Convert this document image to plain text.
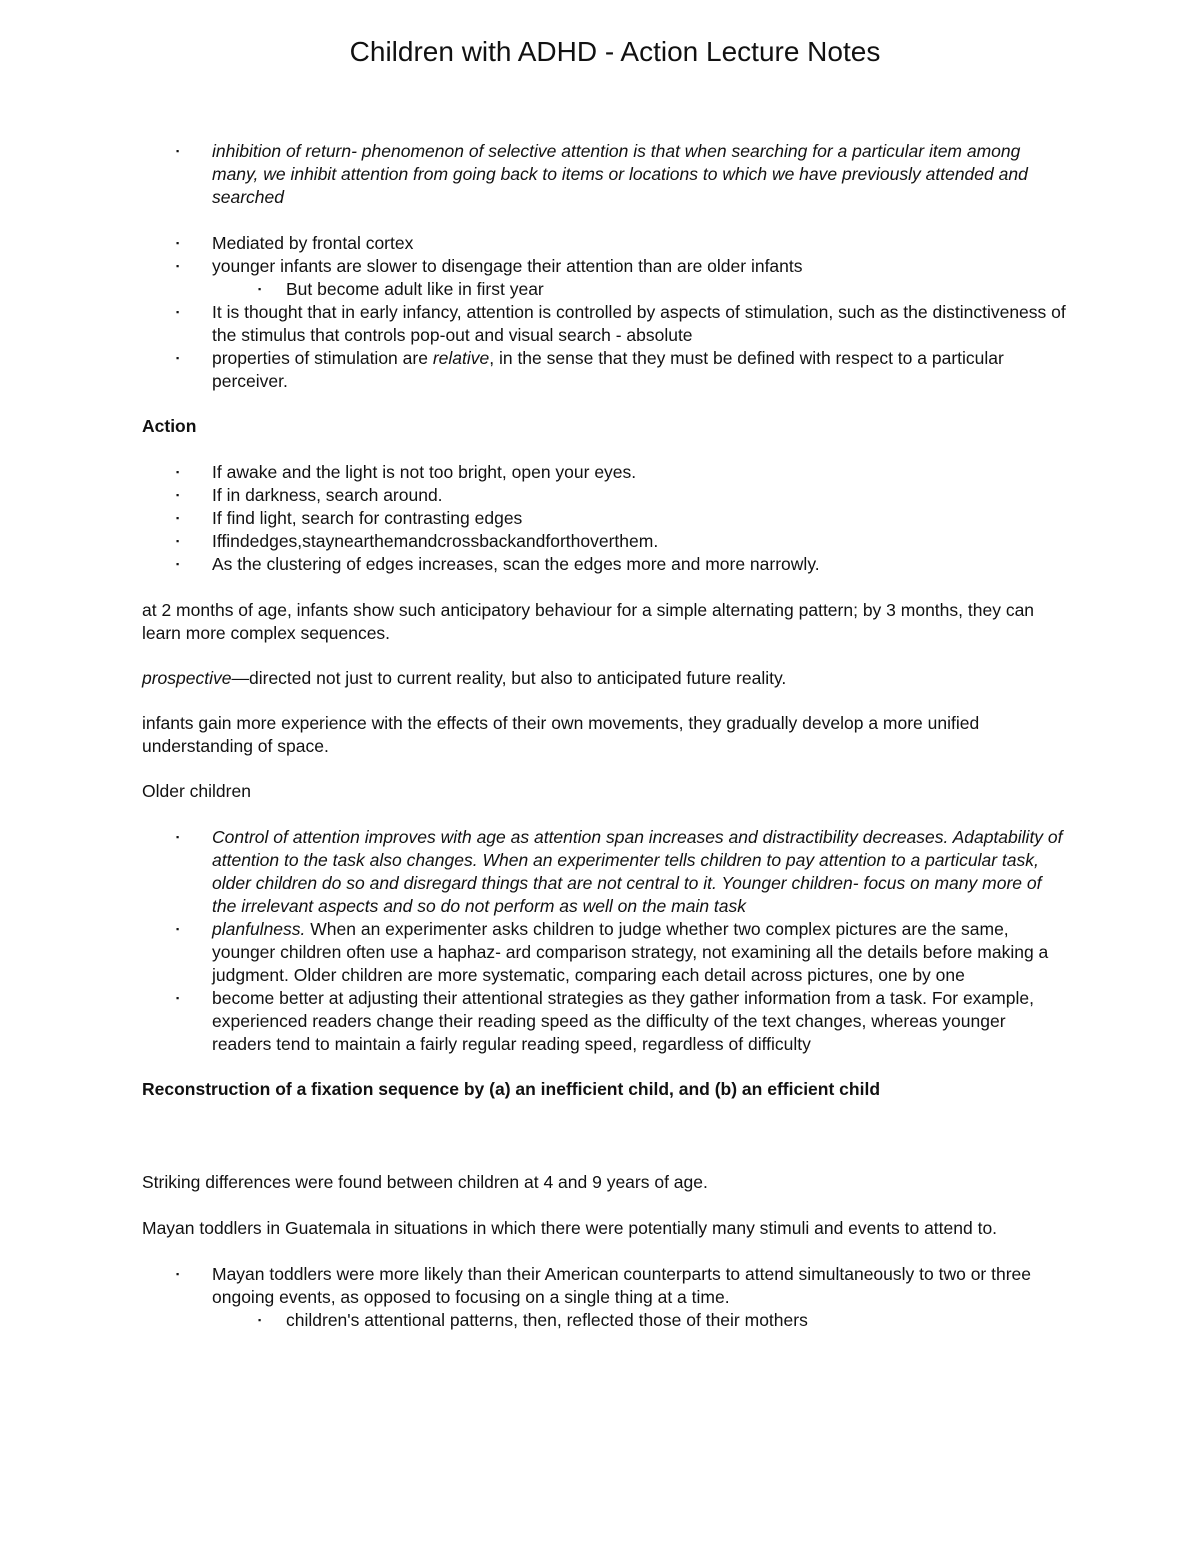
Children with ADHD - Action Lecture Notes
▪ inhibition of return- phenomenon of selective attention is that when searching for a particular item among many, we inhibit attention from going back to items or locations to which we have previously attended and searched
▪ Mediated by frontal cortex
▪ younger infants are slower to disengage their attention than are older infants
▪ But become adult like in first year
▪ It is thought that in early infancy, attention is controlled by aspects of stimulation, such as the distinctiveness of the stimulus that controls pop-out and visual search - absolute
▪ properties of stimulation are relative, in the sense that they must be defined with respect to a particular perceiver.

Action

▪ If awake and the light is not too bright, open your eyes.
▪ If in darkness, search around.
▪ If find light, search for contrasting edges
▪ Iffindedges,staynearthemandcrossbackandforthoverthem.
▪ As the clustering of edges increases, scan the edges more and more narrowly.

at 2 months of age, infants show such anticipatory behaviour for a simple alternating pattern; by 3 months, they can learn more complex sequences.

prospective—directed not just to current reality, but also to anticipated future reality.

infants gain more experience with the effects of their own movements, they gradually develop a more unified understanding of space.

Older children

▪ Control of attention improves with age as attention span increases and distractibility decreases. Adaptability of attention to the task also changes. When an experimenter tells children to pay attention to a particular task, older children do so and disregard things that are not central to it. Younger children- focus on many more of the irrelevant aspects and so do not perform as well on the main task
▪ planfulness. When an experimenter asks children to judge whether two complex pictures are the same, younger children often use a haphaz- ard comparison strategy, not examining all the details before making a judgment. Older children are more systematic, comparing each detail across pictures, one by one
▪ become better at adjusting their attentional strategies as they gather information from a task. For example, experienced readers change their reading speed as the difficulty of the text changes, whereas younger readers tend to maintain a fairly regular reading speed, regardless of difficulty

Reconstruction of a fixation sequence by (a) an inefficient child, and (b) an efficient child

Striking differences were found between children at 4 and 9 years of age.

Mayan toddlers in Guatemala in situations in which there were potentially many stimuli and events to attend to.

▪ Mayan toddlers were more likely than their American counterparts to attend simultaneously to two or three ongoing events, as opposed to focusing on a single thing at a time.
▪ children's attentional patterns, then, reflected those of their mothers
